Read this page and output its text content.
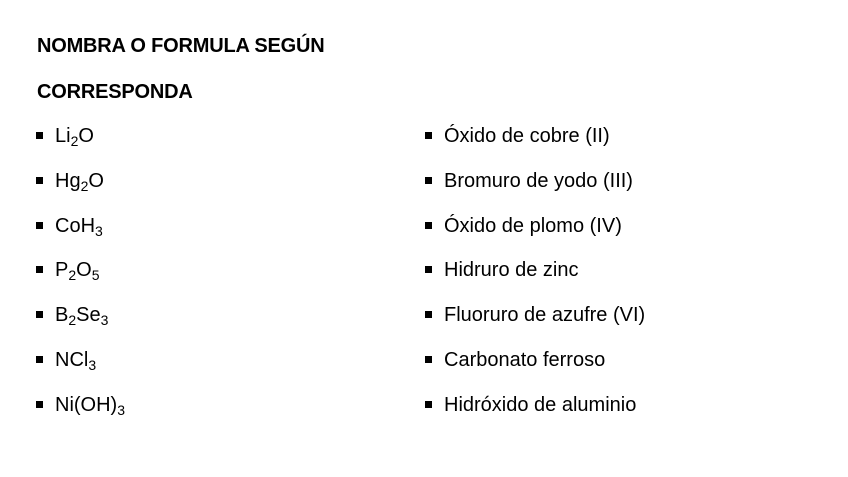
NOMBRA O FORMULA SEGÚN
CORRESPONDA
$Li_2O$
$Hg_2O$
CoH$_3$
$P_2O_5$
$B_2Se_3$
NCl$_3$
$Ni(OH)_3$
Óxido de cobre (II)
Bromuro de yodo (III)
Óxido de plomo (IV)
Hidruro de zinc
Fluoruro de azufre (VI)
Carbonato ferroso
Hidróxido de aluminio
